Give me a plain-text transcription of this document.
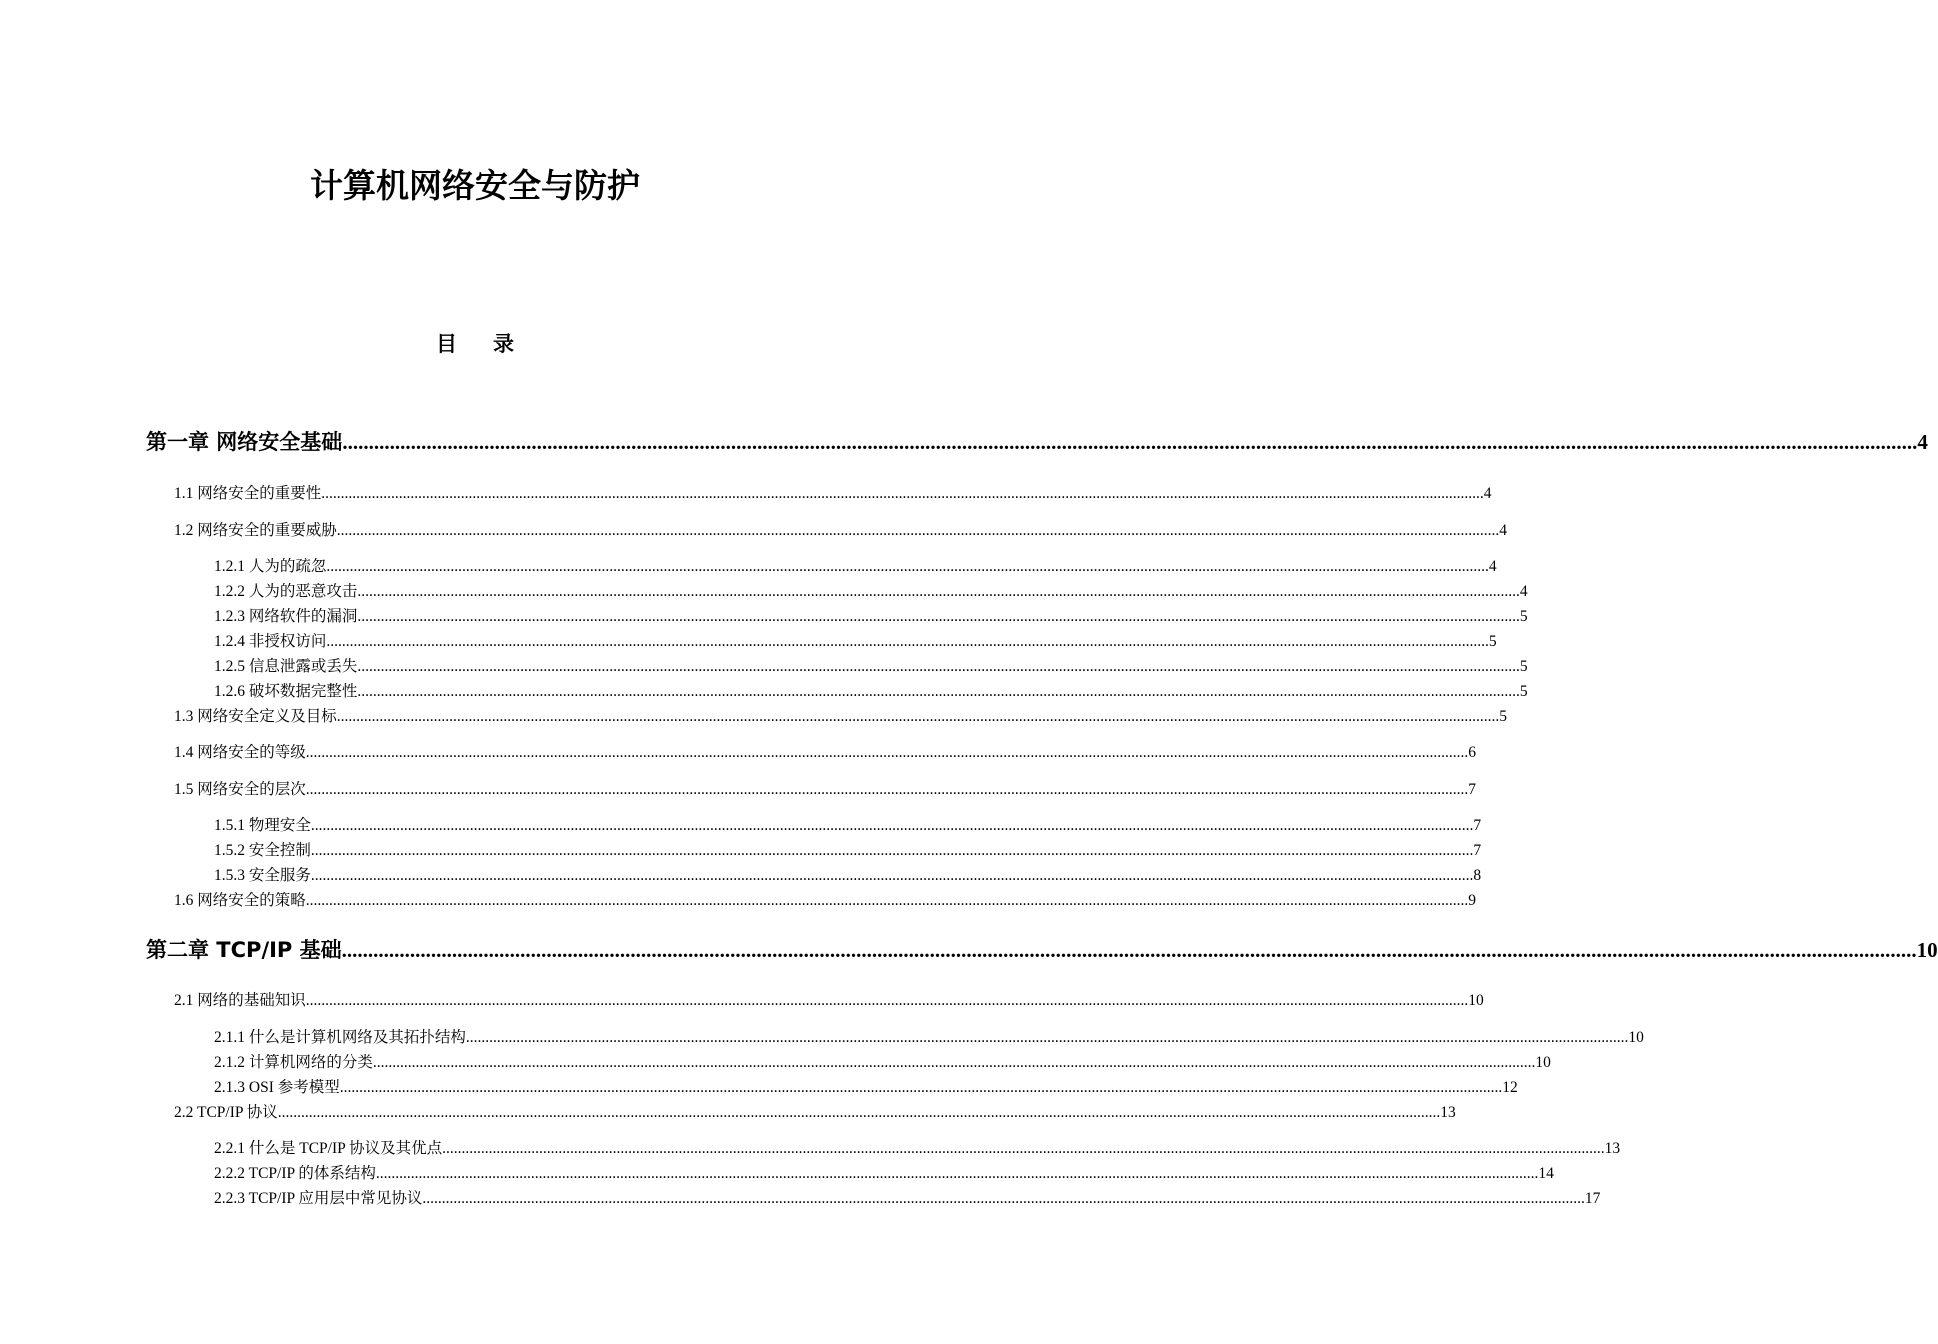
计算机网络安全与防护
目 录
第一章 网络安全基础 ............................................................................................................................................................................................................................................................................................................ 4
1.1 网络安全的重要性 ............................................................................................................................................................................................................................................................................................................ 4
1.2 网络安全的重要威胁 ............................................................................................................................................................................................................................................................................................................ 4
1.2.1 人为的疏忽 ............................................................................................................................................................................................................................................................................................................ 4
1.2.2 人为的恶意攻击 ............................................................................................................................................................................................................................................................................................................ 4
1.2.3 网络软件的漏洞 ............................................................................................................................................................................................................................................................................................................ 5
1.2.4 非授权访问 ............................................................................................................................................................................................................................................................................................................ 5
1.2.5 信息泄露或丢失 ............................................................................................................................................................................................................................................................................................................ 5
1.2.6 破坏数据完整性 ............................................................................................................................................................................................................................................................................................................ 5
1.3 网络安全定义及目标 ............................................................................................................................................................................................................................................................................................................ 5
1.4 网络安全的等级 ............................................................................................................................................................................................................................................................................................................ 6
1.5 网络安全的层次 ............................................................................................................................................................................................................................................................................................................ 7
1.5.1 物理安全 ............................................................................................................................................................................................................................................................................................................ 7
1.5.2 安全控制 ............................................................................................................................................................................................................................................................................................................ 7
1.5.3 安全服务 ............................................................................................................................................................................................................................................................................................................ 8
1.6 网络安全的策略 ............................................................................................................................................................................................................................................................................................................ 9
第二章 TCP/IP 基础 ............................................................................................................................................................................................................................................................................................................ 10
2.1 网络的基础知识 ............................................................................................................................................................................................................................................................................................................ 10
2.1.1 什么是计算机网络及其拓扑结构 ............................................................................................................................................................................................................................................................................................................ 10
2.1.2 计算机网络的分类 ............................................................................................................................................................................................................................................................................................................ 10
2.1.3 OSI 参考模型 ............................................................................................................................................................................................................................................................................................................ 12
2.2 TCP/IP 协议 ............................................................................................................................................................................................................................................................................................................ 13
2.2.1 什么是 TCP/IP 协议及其优点 ............................................................................................................................................................................................................................................................................................................ 13
2.2.2 TCP/IP 的体系结构 ............................................................................................................................................................................................................................................................................................................ 14
2.2.3 TCP/IP 应用层中常见协议 ............................................................................................................................................................................................................................................................................................................ 17
